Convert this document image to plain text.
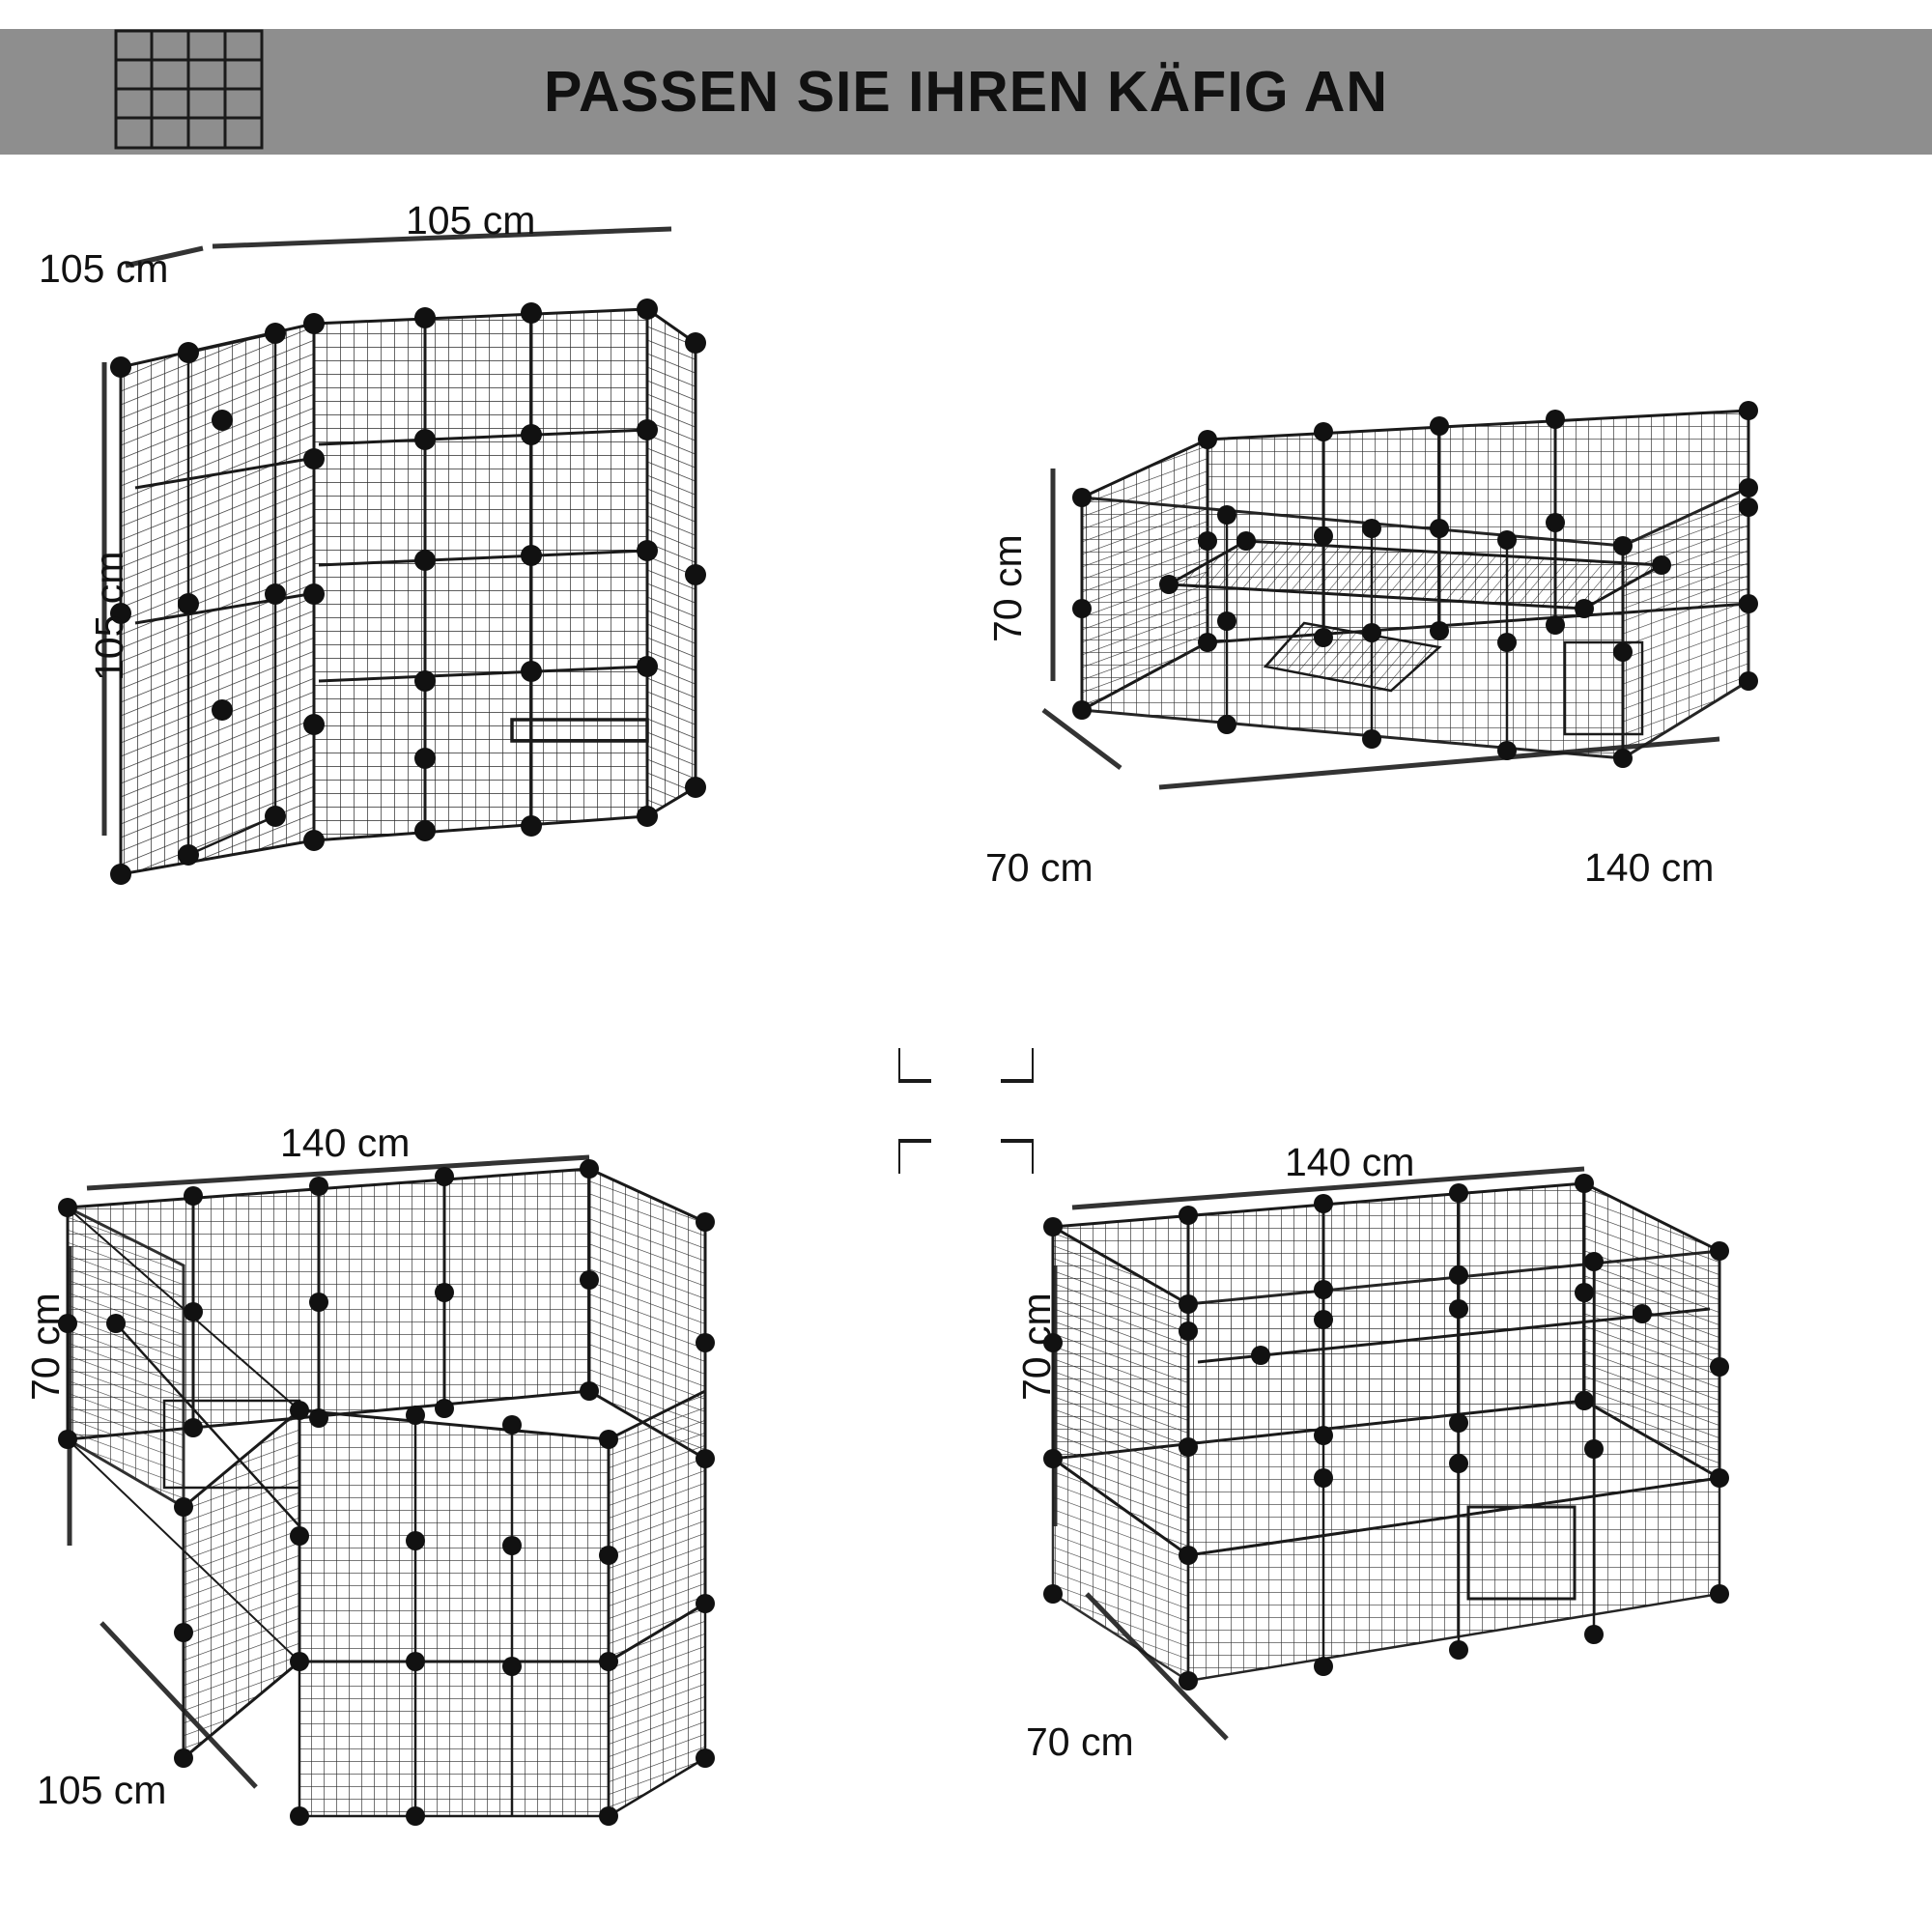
PASSEN SIE IHREN KÄFIG AN
105 cm
105 cm
105 cm	70 cm
70 cm	140 cm
140 cm
70 cm
105 cm
140 cm
70 cm
70 cm
